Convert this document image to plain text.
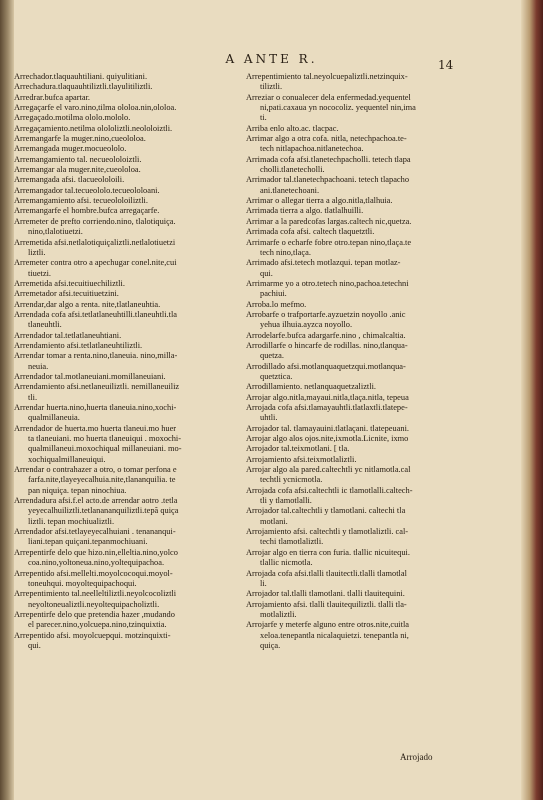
A ANTE R.	14
Arrechador.tlaquauhtiliani. quiyulitiani.
Arrechadura.tlaquauhtiliztli.tlayulitiliztli.
Arredrar.bufca apartar.
Arregaçarfe el varo.nino,tilma ololoa.nin,ololoa.
Arregaçado.motilma ololo.mololo.
Arregaçamiento.netilma olololiztli.neololoiztli.
Arremangarfe la muger.nino,cueololoa.
Arremangada muger.mocueololo.
Arremangamiento tal. necueololoiztli.
Arremangar ala muger.nite,cueololoa.
Arremangada afsi. tlacueololoili.
Arremangador tal.tecueololo.tecueololoani.
Arremangamiento afsi. tecueololoiliztli.
Arremangarfe el hombre.bufca arregaçarfe.
Arremeter de prefto corriendo.nino, tlalotiquiça.
nino,tlalotiuetzi.
Arremetida afsi.netlalotiquiçaliztli.netlalotiuetzi
liztli.
Arremeter contra otro a apechugar conel.nite,cui
tiuetzi.
Arremetida afsi.tecuitiuechiliztli.
Arremetador afsi.tecuitiuetzini.
Arrendar,dar algo a renta. nite,tlatlaneuhtia.
Arrendada cofa afsi.tetlatlaneuhtilli.tlaneuhtli.tla
tlaneuhtli.
Arrendador tal.tetlatlaneuhtiani.
Arrendamiento afsi.tetlatlaneuhtiliztli.
Arrendar tomar a renta.nino,tlaneuia. nino,milla-
neuia.
Arrendador tal.motlaneuiani.momillaneuiani.
Arrendamiento afsi.netlaneuiliztli. nemillaneuiliz
tli.
Arrendar huerta.nino,huerta tlaneuia.nino,xochi-
qualmillaneuia.
Arrendador de huerta.mo huerta tlaneui.mo huer
ta tlaneuiani. mo huerta tlaneuiqui . moxochi-
qualmillaneui.moxochiqual millaneuiani. mo-
xochiqualmillaneuiqui.
Arrendar o contrahazer a otro, o tomar perfona e
farfa.nite,tlayeyecalhuia.nite,tlananquilia. te
pan niquiça. tepan ninochiua.
Arrendadura afsi.f.el acto.de arrendar aotro .tetla
yeyecalhuiliztli.tetlanananquiliztli.tepã quiça
liztli. tepan mochiualiztli.
Arrendador afsi.tetlayeyecalhuiani . tenananqui-
liani.tepan quiçani.tepanmochiuani.
Arrepentirfe delo que hizo.nin,elleltia.nino,yolco
coa.nino,yoltoneua.nino,yoltequipachoa.
Arrepentido afsi.mellelti.moyolcocoqui.moyol-
toneuhqui. moyoltequipachoqui.
Arrepentimiento tal.neelleltiliztli.neyolcocoliztli
neyoltoneualiztli.neyoltequipacholiztli.
Arrepentirfe delo que pretendia hazer ,mudando
el parecer.nino,yolcuepa.nino,tzinquixtia.
Arrepentido afsi. moyolcuepqui. motzinquixti-
qui.
Arrepentimiento tal.neyolcuepaliztli.netzinquix-
tiliztli.
Arreziar o conualecer dela enfermedad.yequentel
ni,pati.caxaua yn nococoliz. yequentel nin,ima
ti.
Arriba enlo alto.ac. tlacpac.
Arrimar algo a otra cofa. nitla, netechpachoa.te-
tech nitlapachoa.nitlanetechoa.
Arrimada cofa afsi.tlanetechpacholli. tetech tlapa
cholli.tlanetecholli.
Arrimador tal.tlanetechpachoani. tetech tlapacho
ani.tlanetechoani.
Arrimar o allegar tierra a algo.nitla,tlalhuia.
Arrimada tierra a algo. tlatlalhuilli.
Arrimar a la paredcofas largas.caltech nic,quetza.
Arrimada cofa afsi. caltech tlaquetztli.
Arrimarfe o echarfe fobre otro.tepan nino,tlaça.te
tech nino,tlaça.
Arrimado afsi.tetech motlazqui. tepan motlaz-
qui.
Arrimarme yo a otro.tetech nino,pachoa.tetechni
pachiui.
Arroba.lo mefmo.
Arrobarfe o trafportarfe.ayzuetzin noyollo .anic
yehua ilhuia.ayzca noyollo.
Arrodelarfe.bufca adargarfe.nino , chimalcaltia.
Arrodillarfe o hincarfe de rodillas. nino,tlanqua-
quetza.
Arrodillado afsi.motlanquaquetzqui.motlanqua-
quetztica.
Arrodillamiento. netlanquaquetzaliztli.
Arrojar algo.nitla,mayaui.nitla,tlaça.nitla, tepeua
Arrojada cofa afsi.tlamayauhtli.tlatlaxtli.tlatepe-
uhtli.
Arrojador tal. tlamayauini.tlatlaçani. tlatepeuani.
Arrojar algo alos ojos.nite,ixmotla.Licnite, ixmo
Arrojador tal.teixmotlani. [ tla.
Arrojamiento afsi.teixmotlaliztli.
Arrojar algo ala pared.caltechtli yc nitlamotla.cal
techtli ycnicmotla.
Arrojada cofa afsi.caltechtli ic tlamotlalli.caltech-
tli y tlamotlalli.
Arrojador tal.caltechtli y tlamotlani. caltechi tla
motlani.
Arrojamiento afsi. caltechtli y tlamotlaliztli. cal-
techi tlamotlaliztli.
Arrojar algo en tierra con furia. tlallic nicuitequi.
tlallic nicmotla.
Arrojada cofa afsi.tlalli tlauitectli.tlalli tlamotlal
li.
Arrojador tal.tlalli tlamotlani. tlalli tlauitequini.
Arrojamiento afsi. tlalli tlauitequiliztli. tlalli tla-
motlaliztli.
Arrojarfe y meterfe alguno entre otros.nite,cuitla
xeloa.tenepantla nicalaquietzi. tenepantla ni,
quiça.
Arrojado
